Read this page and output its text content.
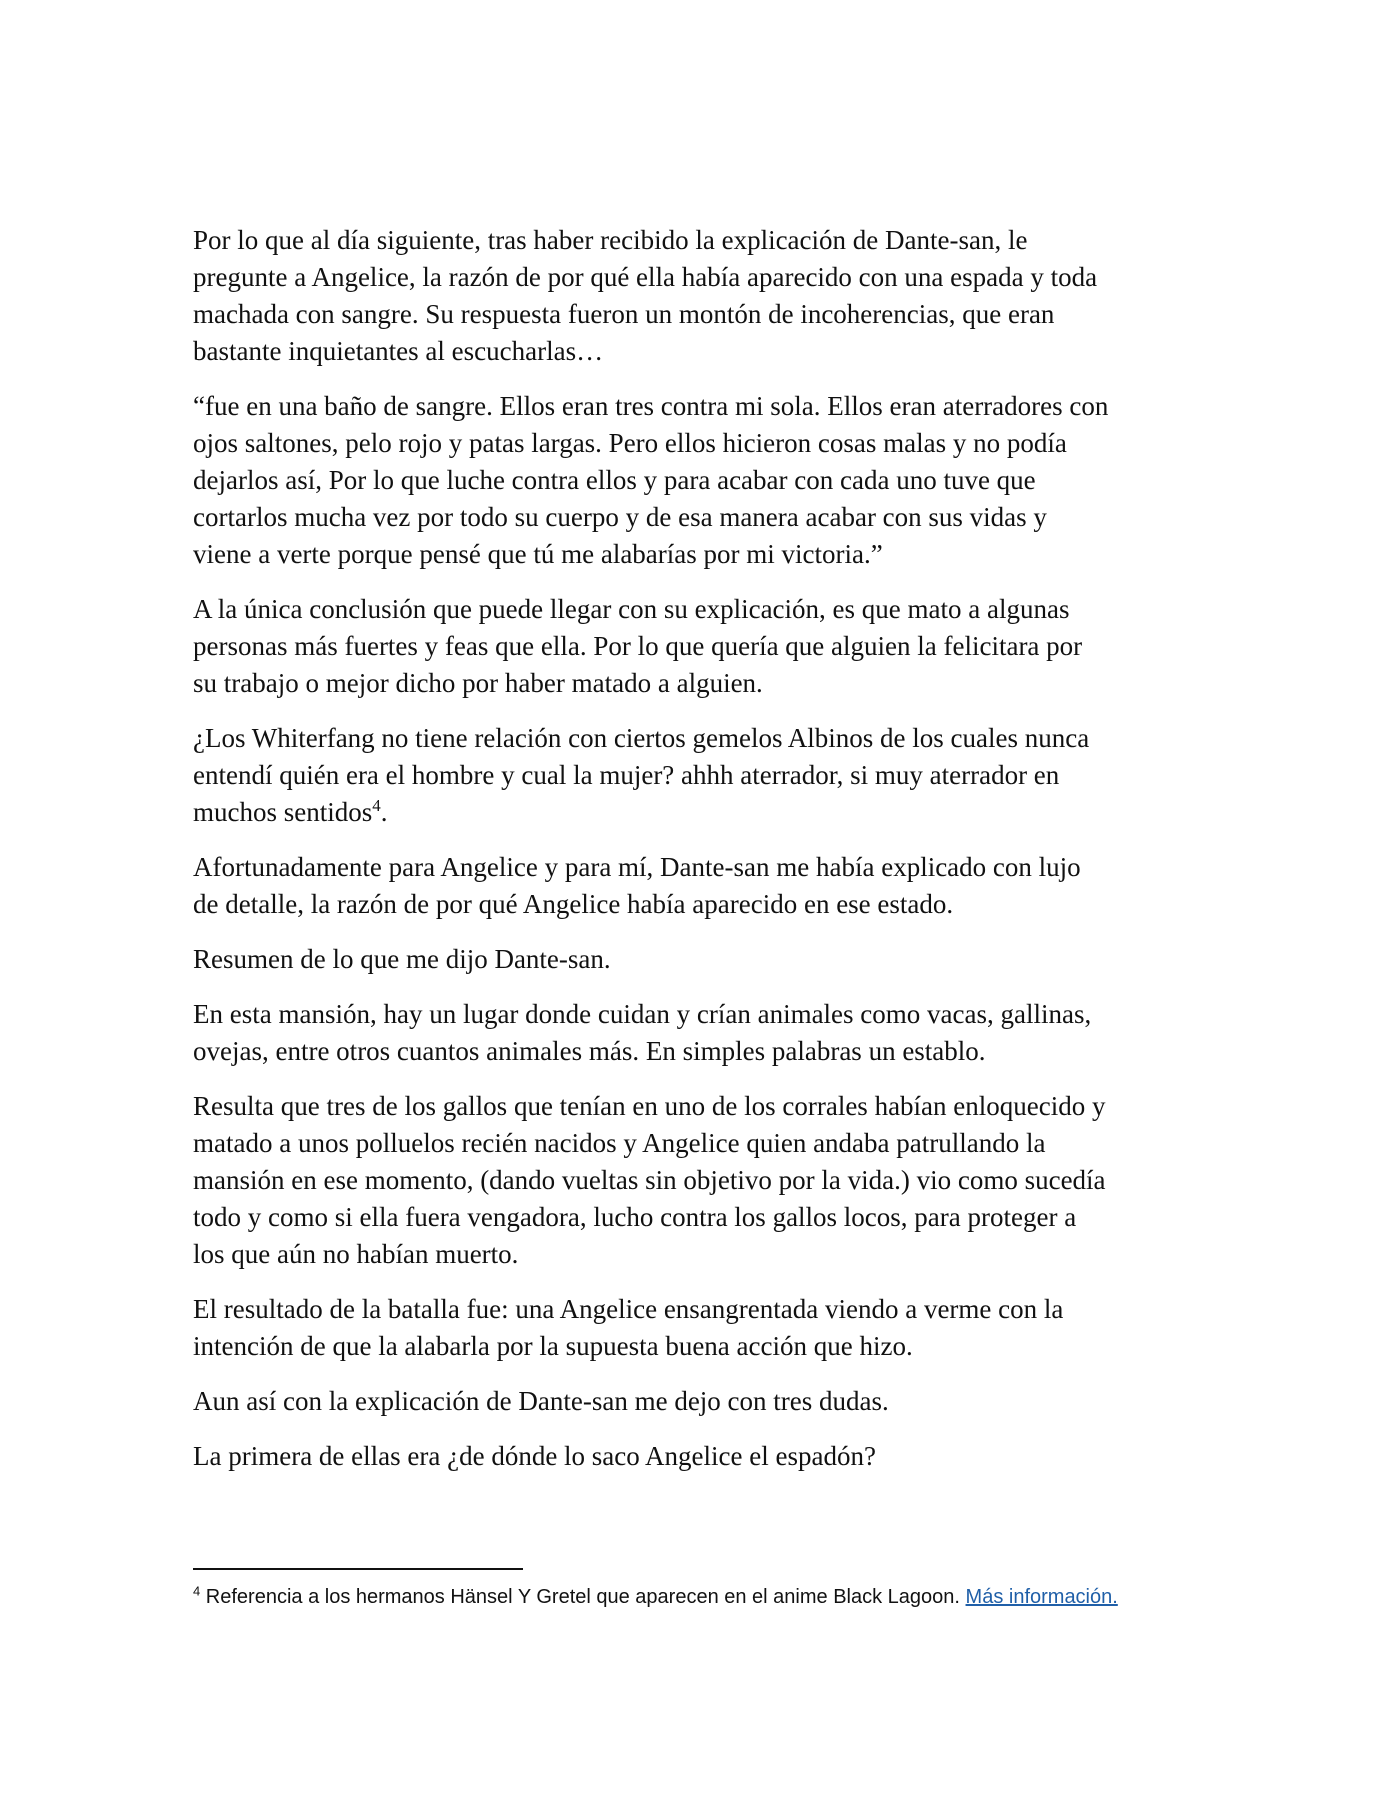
Por lo que al día siguiente, tras haber recibido la explicación de Dante-san, le
pregunte a Angelice, la razón de por qué ella había aparecido con una espada y toda
machada con sangre. Su respuesta fueron un montón de incoherencias, que eran
bastante inquietantes al escucharlas…

“fue en una baño de sangre. Ellos eran tres contra mi sola. Ellos eran aterradores con
ojos saltones, pelo rojo y patas largas. Pero ellos hicieron cosas malas y no podía
dejarlos así, Por lo que luche contra ellos y para acabar con cada uno tuve que
cortarlos mucha vez por todo su cuerpo y de esa manera acabar con sus vidas y
viene a verte porque pensé que tú me alabarías por mi victoria.”

A la única conclusión que puede llegar con su explicación, es que mato a algunas
personas más fuertes y feas que ella. Por lo que quería que alguien la felicitara por
su trabajo o mejor dicho por haber matado a alguien.

¿Los Whiterfang no tiene relación con ciertos gemelos Albinos de los cuales nunca
entendí quién era el hombre y cual la mujer? ahhh aterrador, si muy aterrador en
muchos sentidos$^4$.

Afortunadamente para Angelice y para mí, Dante-san me había explicado con lujo
de detalle, la razón de por qué Angelice había aparecido en ese estado.

Resumen de lo que me dijo Dante-san.

En esta mansión, hay un lugar donde cuidan y crían animales como vacas, gallinas,
ovejas, entre otros cuantos animales más. En simples palabras un establo.

Resulta que tres de los gallos que tenían en uno de los corrales habían enloquecido y
matado a unos polluelos recién nacidos y Angelice quien andaba patrullando la
mansión en ese momento, (dando vueltas sin objetivo por la vida.) vio como sucedía
todo y como si ella fuera vengadora, lucho contra los gallos locos, para proteger a
los que aún no habían muerto.

El resultado de la batalla fue: una Angelice ensangrentada viendo a verme con la
intención de que la alabarla por la supuesta buena acción que hizo.

Aun así con la explicación de Dante-san me dejo con tres dudas.

La primera de ellas era ¿de dónde lo saco Angelice el espadón?

$^4$ Referencia a los hermanos Hänsel Y Gretel que aparecen en el anime Black Lagoon. Más información.
